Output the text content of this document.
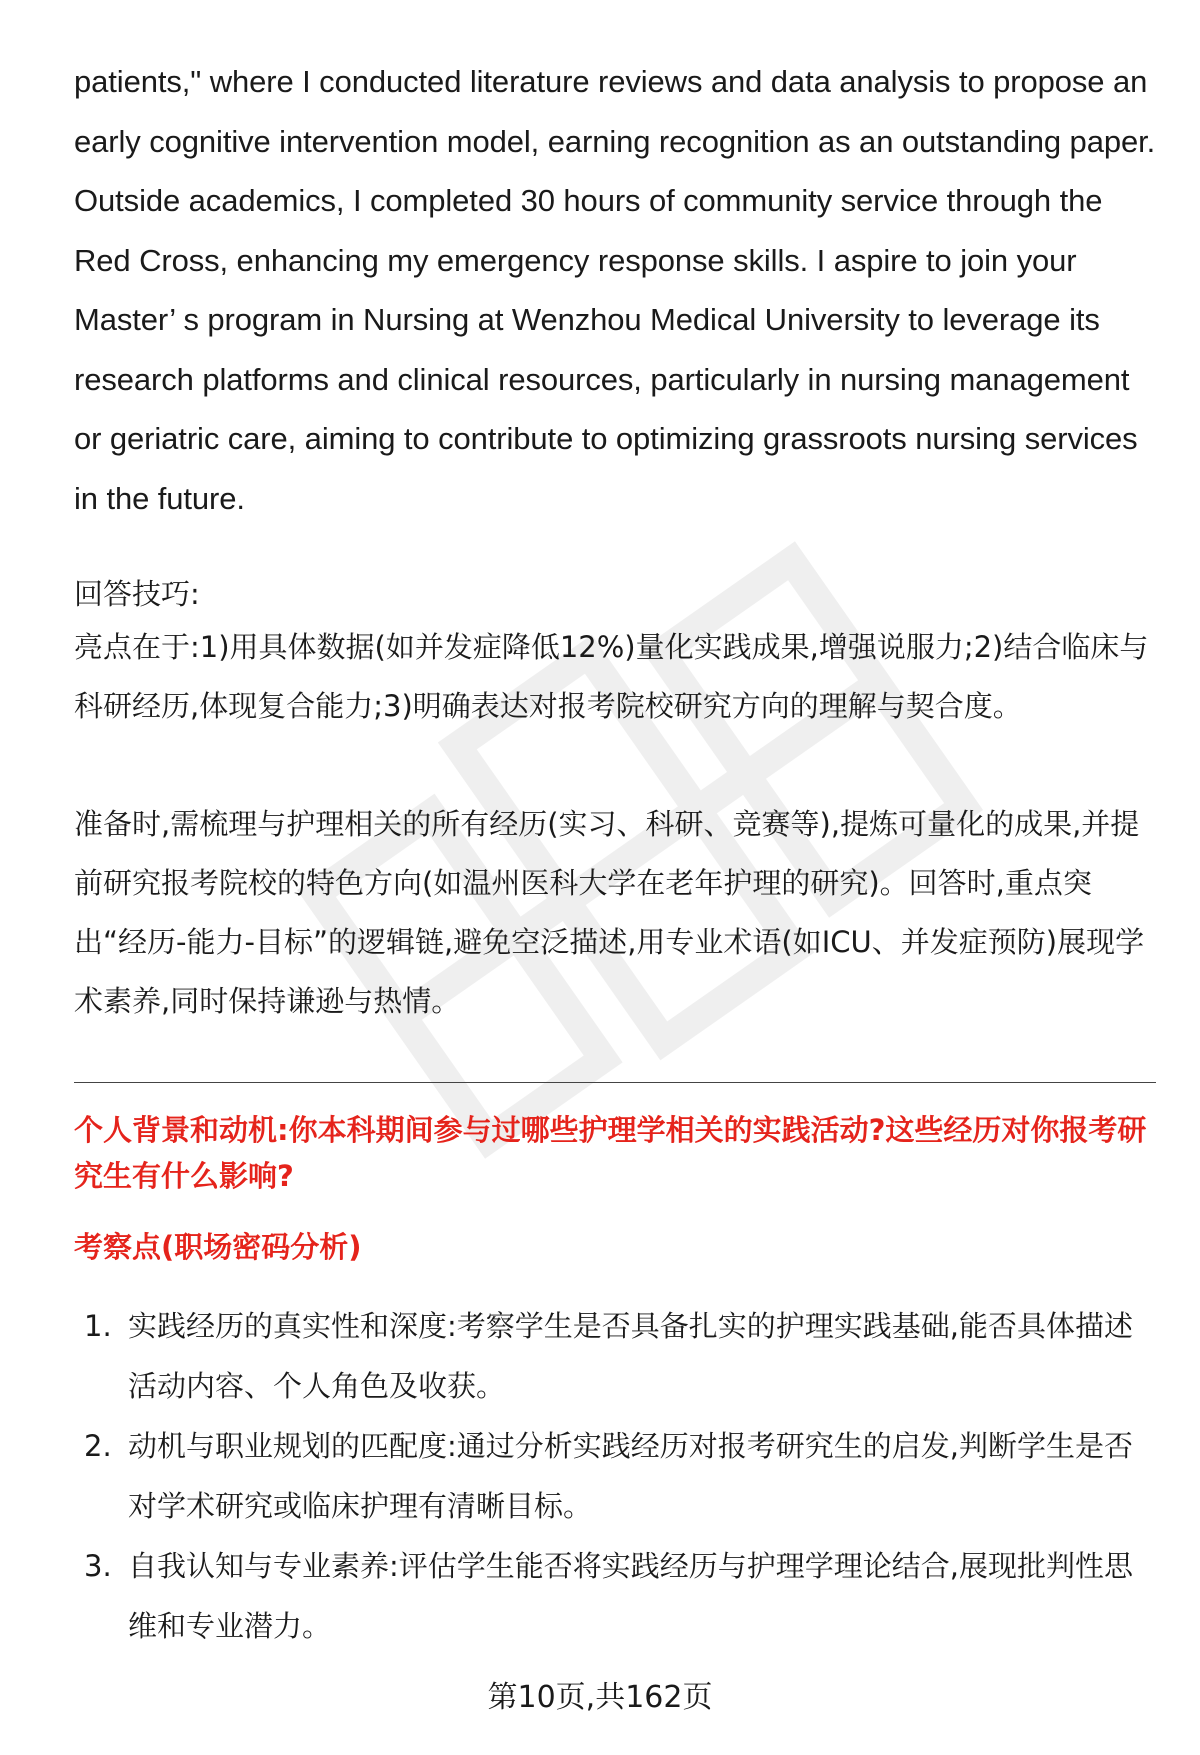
patients," where I conducted literature reviews and data analysis to propose an early cognitive intervention model, earning recognition as an outstanding paper. Outside academics, I completed 30 hours of community service through the Red Cross, enhancing my emergency response skills. I aspire to join your Master’ s program in Nursing at Wenzhou Medical University to leverage its research platforms and clinical resources, particularly in nursing management or geriatric care, aiming to contribute to optimizing grassroots nursing services in the future.

回答技巧:

亮点在于:1)用具体数据(如并发症降低12%)量化实践成果,增强说服力;2)结合临床与科研经历,体现复合能力;3)明确表达对报考院校研究方向的理解与契合度。

准备时,需梳理与护理相关的所有经历(实习、科研、竞赛等),提炼可量化的成果,并提前研究报考院校的特色方向(如温州医科大学在老年护理的研究)。回答时,重点突出“经历-能力-目标”的逻辑链,避免空泛描述,用专业术语(如ICU、并发症预防)展现学术素养,同时保持谦逊与热情。

个人背景和动机:你本科期间参与过哪些护理学相关的实践活动?这些经历对你报考研究生有什么影响?

考察点(职场密码分析)

1. 实践经历的真实性和深度:考察学生是否具备扎实的护理实践基础,能否具体描述活动内容、个人角色及收获。
2. 动机与职业规划的匹配度:通过分析实践经历对报考研究生的启发,判断学生是否对学术研究或临床护理有清晰目标。
3. 自我认知与专业素养:评估学生能否将实践经历与护理学理论结合,展现批判性思维和专业潜力。
第10页,共162页
